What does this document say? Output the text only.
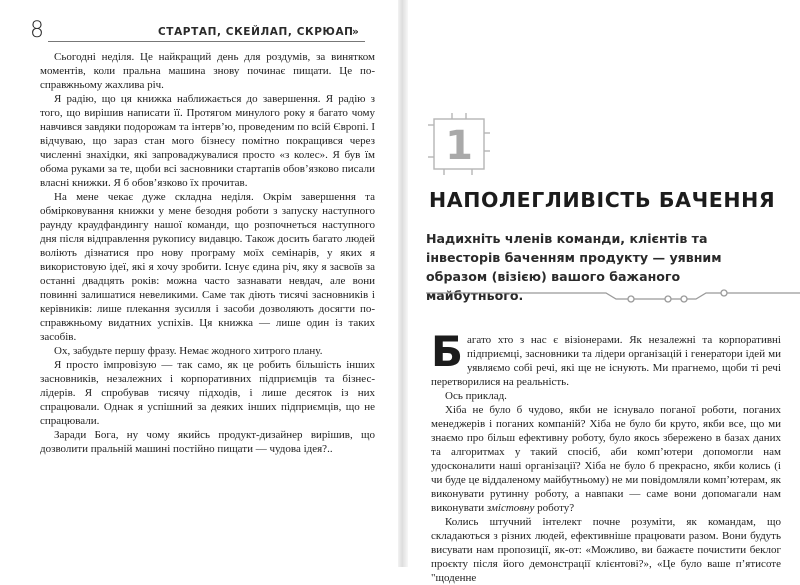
8	СТАРТАП, СКЕЙЛАП, СКРЮАП
»

Сьогодні неділя. Це найкращий день для роздумів, за винятком моментів, коли пральна машина знову починає пищати. Це по-справжньому жахлива річ.

Я радію, що ця книжка наближається до завершення. Я радію з того, що вирішив написати її. Протягом минулого року я багато чому навчився завдяки подорожам та інтерв’ю, проведеним по всій Європі. І відчуваю, що зараз стан мого бізнесу помітно покращився через численні знахідки, які запроваджувалися просто «з колес». Я був їм обома руками за те, щоби всі засновники стартапів обов’язково писали власні книжки. Я б обов’язково їх прочитав.

На мене чекає дуже складна неділя. Окрім завершення та обмірковування книжки у мене безодня роботи з запуску наступного раунду краудфандингу нашої команди, що розпочнеться наступного дня після відправлення рукопису видавцю. Також досить багато людей воліють дізнатися про нову програму моїх семінарів, у яких я використовую ідеї, які я хочу зробити. Існує єдина річ, яку я засвоїв за останні двадцять років: можна часто зазнавати невдач, але вони повинні залишатися невеликими. Саме так діють тисячі засновників і керівників: лише плекання зусилля і засоби дозволяють досягти по-справжньому видатних успіхів. Ця книжка — лише один із таких засобів.

Ох, забудьте першу фразу. Немає жодного хитрого плану.

Я просто імпровізую — так само, як це робить більшість інших засновників, незалежних і корпоративних підприємців та бізнес-лідерів. Я спробував тисячу підходів, і лише десяток із них спрацювали. Однак я успішний за деяких інших підприємців, що не спрацювали.

Заради Бога, ну чому якийсь продукт-дизайнер вирішив, що дозволити пральній машині постійно пищати — чудова ідея?..

1
НАПОЛЕГЛИВІСТЬ БАЧЕННЯ
Надихніть членів команди, клієнтів та інвесторів баченням продукту — уявним образом (візією) вашого бажаного майбутнього.

Багато хто з нас є візіонерами. Як незалежні та корпоративні підприємці, засновники та лідери організацій і генератори ідей ми уявляємо собі речі, які ще не існують. Ми прагнемо, щоби ті речі перетворилися на реальність.

Ось приклад.

Хіба не було б чудово, якби не існувало поганої роботи, поганих менеджерів і поганих компаній? Хіба не було би круто, якби все, що ми знаємо про більш ефективну роботу, було якось збережено в базах даних та алгоритмах у такий спосіб, аби комп’ютери допомогли нам удосконалити наші організації? Хіба не було б прекрасно, якби колись (і чи буде це віддаленому майбутньому) не ми повідомляли комп’ютерам, як виконувати рутинну роботу, а навпаки — саме вони допомагали нам виконувати змістовну роботу?

Колись штучний інтелект почне розуміти, як командам, що складаються з різних людей, ефективніше працювати разом. Вони будуть висувати нам пропозиції, як-от: «Можливо, ви бажаєте почистити беклог проєкту після його демонстрації клієнтові?», «Це було ваше п’ятисоте "щоденне
